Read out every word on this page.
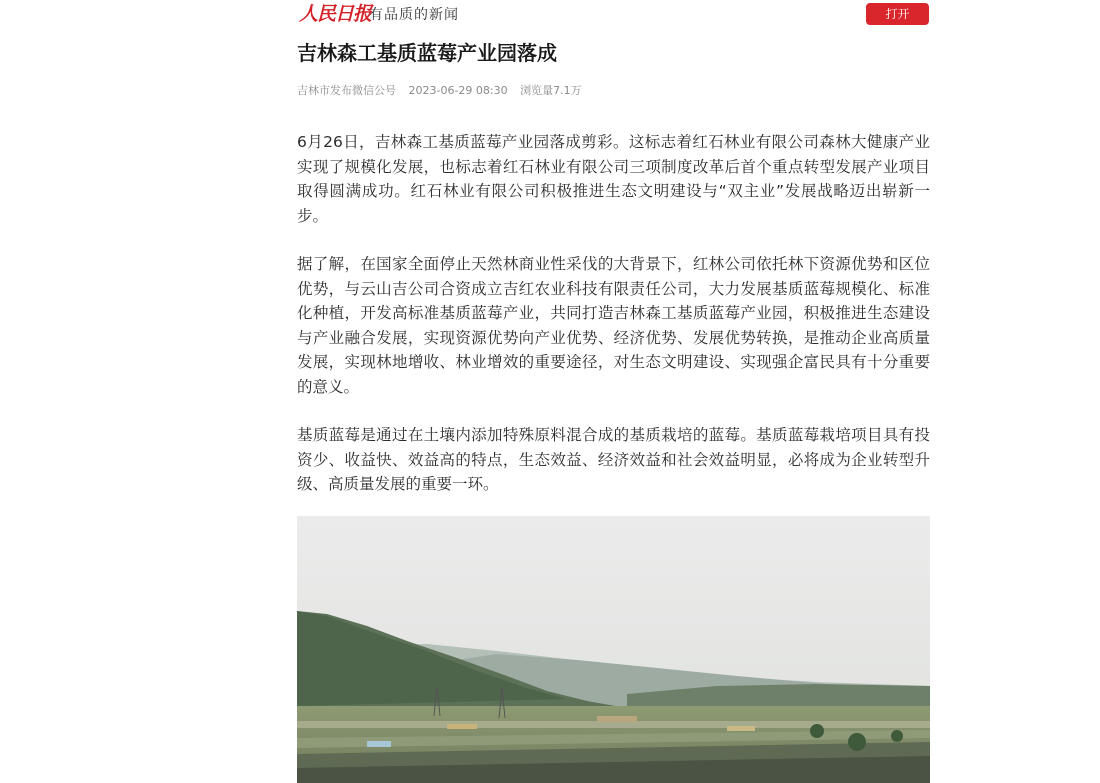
人民日报
有品质的新闻	打开
吉林森工基质蓝莓产业园落成
吉林市发布微信公号 2023-06-29 08:30 浏览量7.1万

6月26日，吉林森工基质蓝莓产业园落成剪彩。这标志着红石林业有限公司森林大健康产业实现了规模化发展，也标志着红石林业有限公司三项制度改革后首个重点转型发展产业项目取得圆满成功。红石林业有限公司积极推进生态文明建设与“双主业”发展战略迈出崭新一步。

据了解，在国家全面停止天然林商业性采伐的大背景下，红林公司依托林下资源优势和区位优势，与云山吉公司合资成立吉红农业科技有限责任公司，大力发展基质蓝莓规模化、标准化种植，开发高标准基质蓝莓产业，共同打造吉林森工基质蓝莓产业园，积极推进生态建设与产业融合发展，实现资源优势向产业优势、经济优势、发展优势转换，是推动企业高质量发展，实现林地增收、林业增效的重要途径，对生态文明建设、实现强企富民具有十分重要的意义。

基质蓝莓是通过在土壤内添加特殊原料混合成的基质栽培的蓝莓。基质蓝莓栽培项目具有投资少、收益快、效益高的特点，生态效益、经济效益和社会效益明显，必将成为企业转型升级、高质量发展的重要一环。
